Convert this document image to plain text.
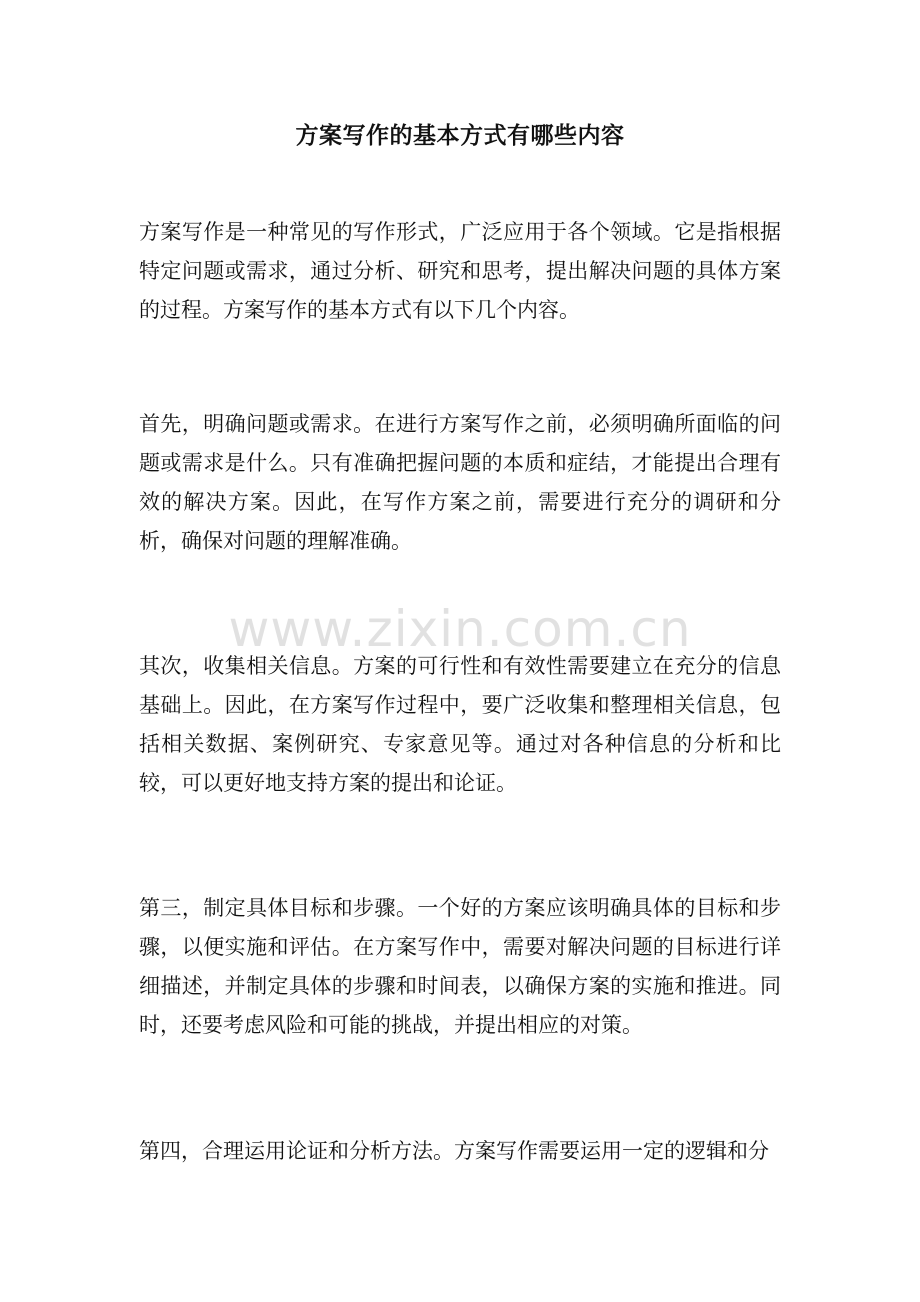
方案写作的基本方式有哪些内容
方案写作是一种常见的写作形式，广泛应用于各个领域。它是指根据特定问题或需求，通过分析、研究和思考，提出解决问题的具体方案的过程。方案写作的基本方式有以下几个内容。
首先，明确问题或需求。在进行方案写作之前，必须明确所面临的问题或需求是什么。只有准确把握问题的本质和症结，才能提出合理有效的解决方案。因此，在写作方案之前，需要进行充分的调研和分析，确保对问题的理解准确。
其次，收集相关信息。方案的可行性和有效性需要建立在充分的信息基础上。因此，在方案写作过程中，要广泛收集和整理相关信息，包括相关数据、案例研究、专家意见等。通过对各种信息的分析和比较，可以更好地支持方案的提出和论证。
第三，制定具体目标和步骤。一个好的方案应该明确具体的目标和步骤，以便实施和评估。在方案写作中，需要对解决问题的目标进行详细描述，并制定具体的步骤和时间表，以确保方案的实施和推进。同时，还要考虑风险和可能的挑战，并提出相应的对策。
第四，合理运用论证和分析方法。方案写作需要运用一定的逻辑和分
www.zixin.com.cn
